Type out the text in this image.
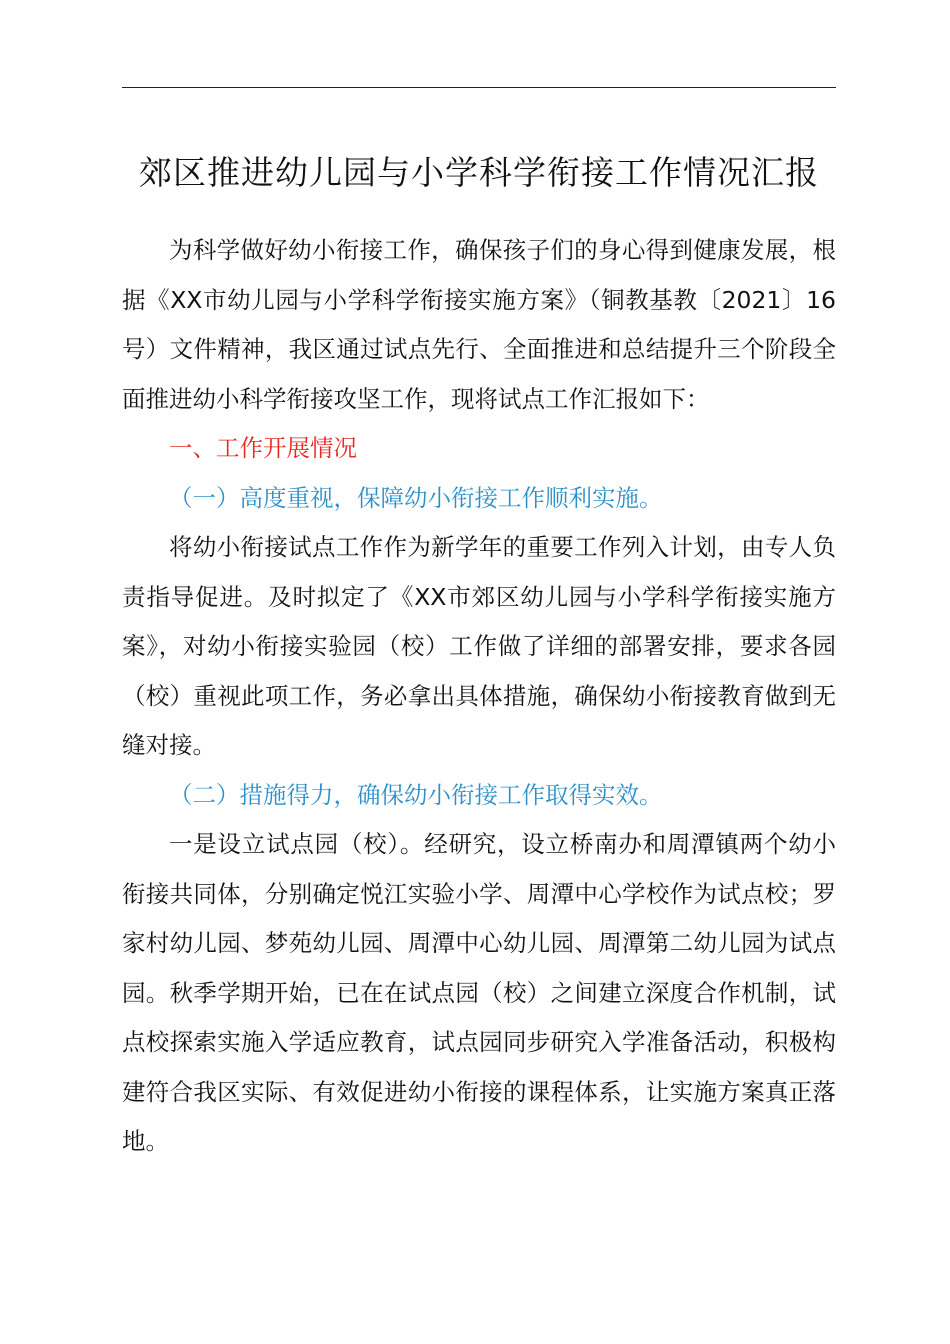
郊区推进幼儿园与小学科学衔接工作情况汇报

为科学做好幼小衔接工作，确保孩子们的身心得到健康发展，根据《XX市幼儿园与小学科学衔接实施方案》（铜教基教〔2021〕16号）文件精神，我区通过试点先行、全面推进和总结提升三个阶段全面推进幼小科学衔接攻坚工作，现将试点工作汇报如下：

一、工作开展情况

（一）高度重视，保障幼小衔接工作顺利实施。

将幼小衔接试点工作作为新学年的重要工作列入计划，由专人负责指导促进。及时拟定了《XX市郊区幼儿园与小学科学衔接实施方案》，对幼小衔接实验园（校）工作做了详细的部署安排，要求各园（校）重视此项工作，务必拿出具体措施，确保幼小衔接教育做到无缝对接。

（二）措施得力，确保幼小衔接工作取得实效。

一是设立试点园（校）。经研究，设立桥南办和周潭镇两个幼小衔接共同体，分别确定悦江实验小学、周潭中心学校作为试点校；罗家村幼儿园、梦苑幼儿园、周潭中心幼儿园、周潭第二幼儿园为试点园。秋季学期开始，已在在试点园（校）之间建立深度合作机制，试点校探索实施入学适应教育，试点园同步研究入学准备活动，积极构建符合我区实际、有效促进幼小衔接的课程体系，让实施方案真正落地。
